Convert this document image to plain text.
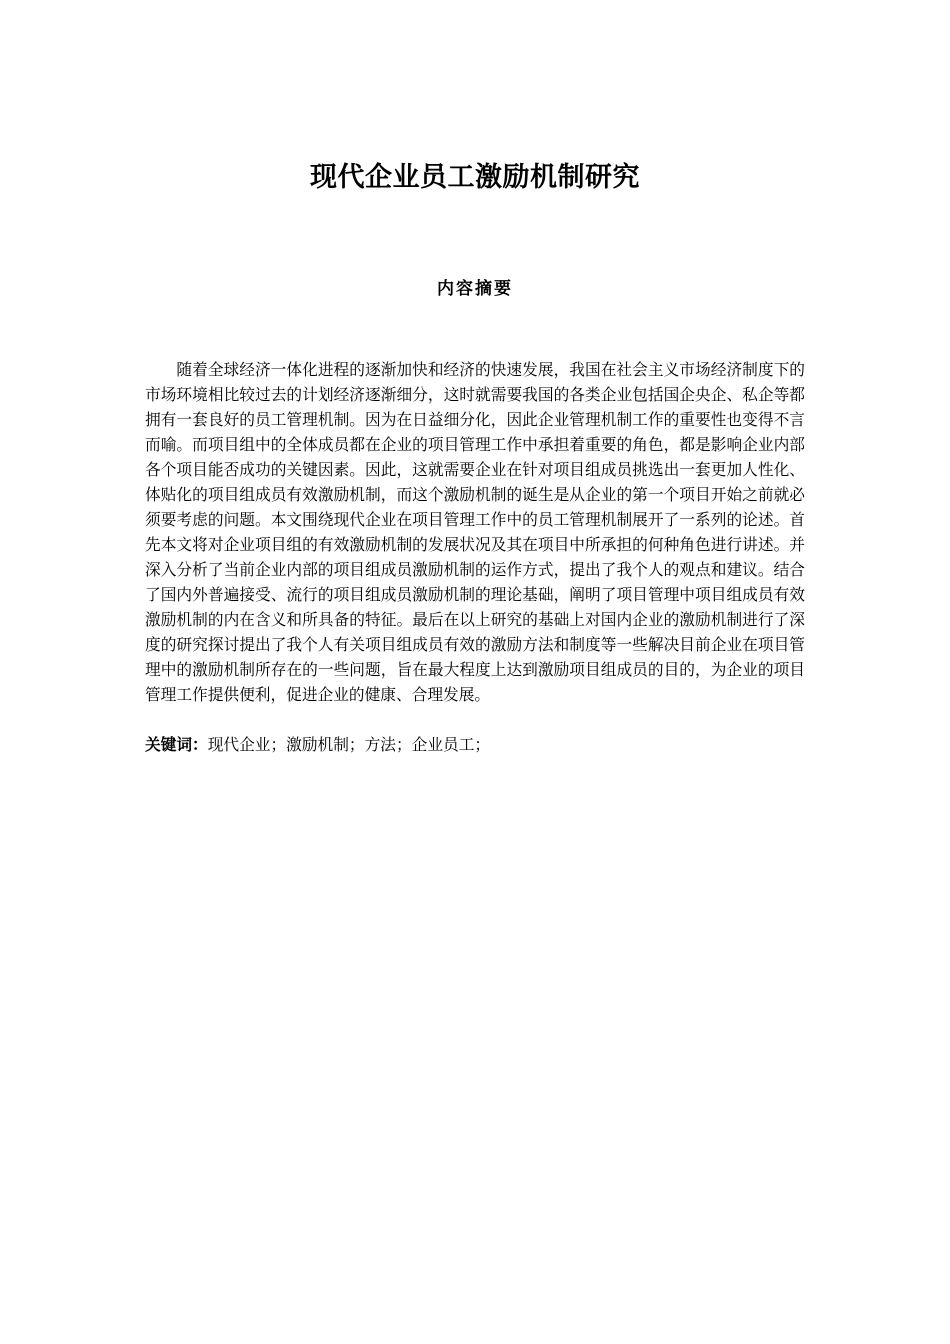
现代企业员工激励机制研究
内容摘要

随着全球经济一体化进程的逐渐加快和经济的快速发展，我国在社会主义市场经济制度下的市场环境相比较过去的计划经济逐渐细分，这时就需要我国的各类企业包括国企央企、私企等都拥有一套良好的员工管理机制。因为在日益细分化，因此企业管理机制工作的重要性也变得不言而喻。而项目组中的全体成员都在企业的项目管理工作中承担着重要的角色，都是影响企业内部各个项目能否成功的关键因素。因此，这就需要企业在针对项目组成员挑选出一套更加人性化、体贴化的项目组成员有效激励机制，而这个激励机制的诞生是从企业的第一个项目开始之前就必须要考虑的问题。本文围绕现代企业在项目管理工作中的员工管理机制展开了一系列的论述。首先本文将对企业项目组的有效激励机制的发展状况及其在项目中所承担的何种角色进行讲述。并深入分析了当前企业内部的项目组成员激励机制的运作方式，提出了我个人的观点和建议。结合了国内外普遍接受、流行的项目组成员激励机制的理论基础，阐明了项目管理中项目组成员有效激励机制的内在含义和所具备的特征。最后在以上研究的基础上对国内企业的激励机制进行了深度的研究探讨提出了我个人有关项目组成员有效的激励方法和制度等一些解决目前企业在项目管理中的激励机制所存在的一些问题，旨在最大程度上达到激励项目组成员的目的，为企业的项目管理工作提供便利，促进企业的健康、合理发展。

关键词：现代企业；激励机制；方法；企业员工；
